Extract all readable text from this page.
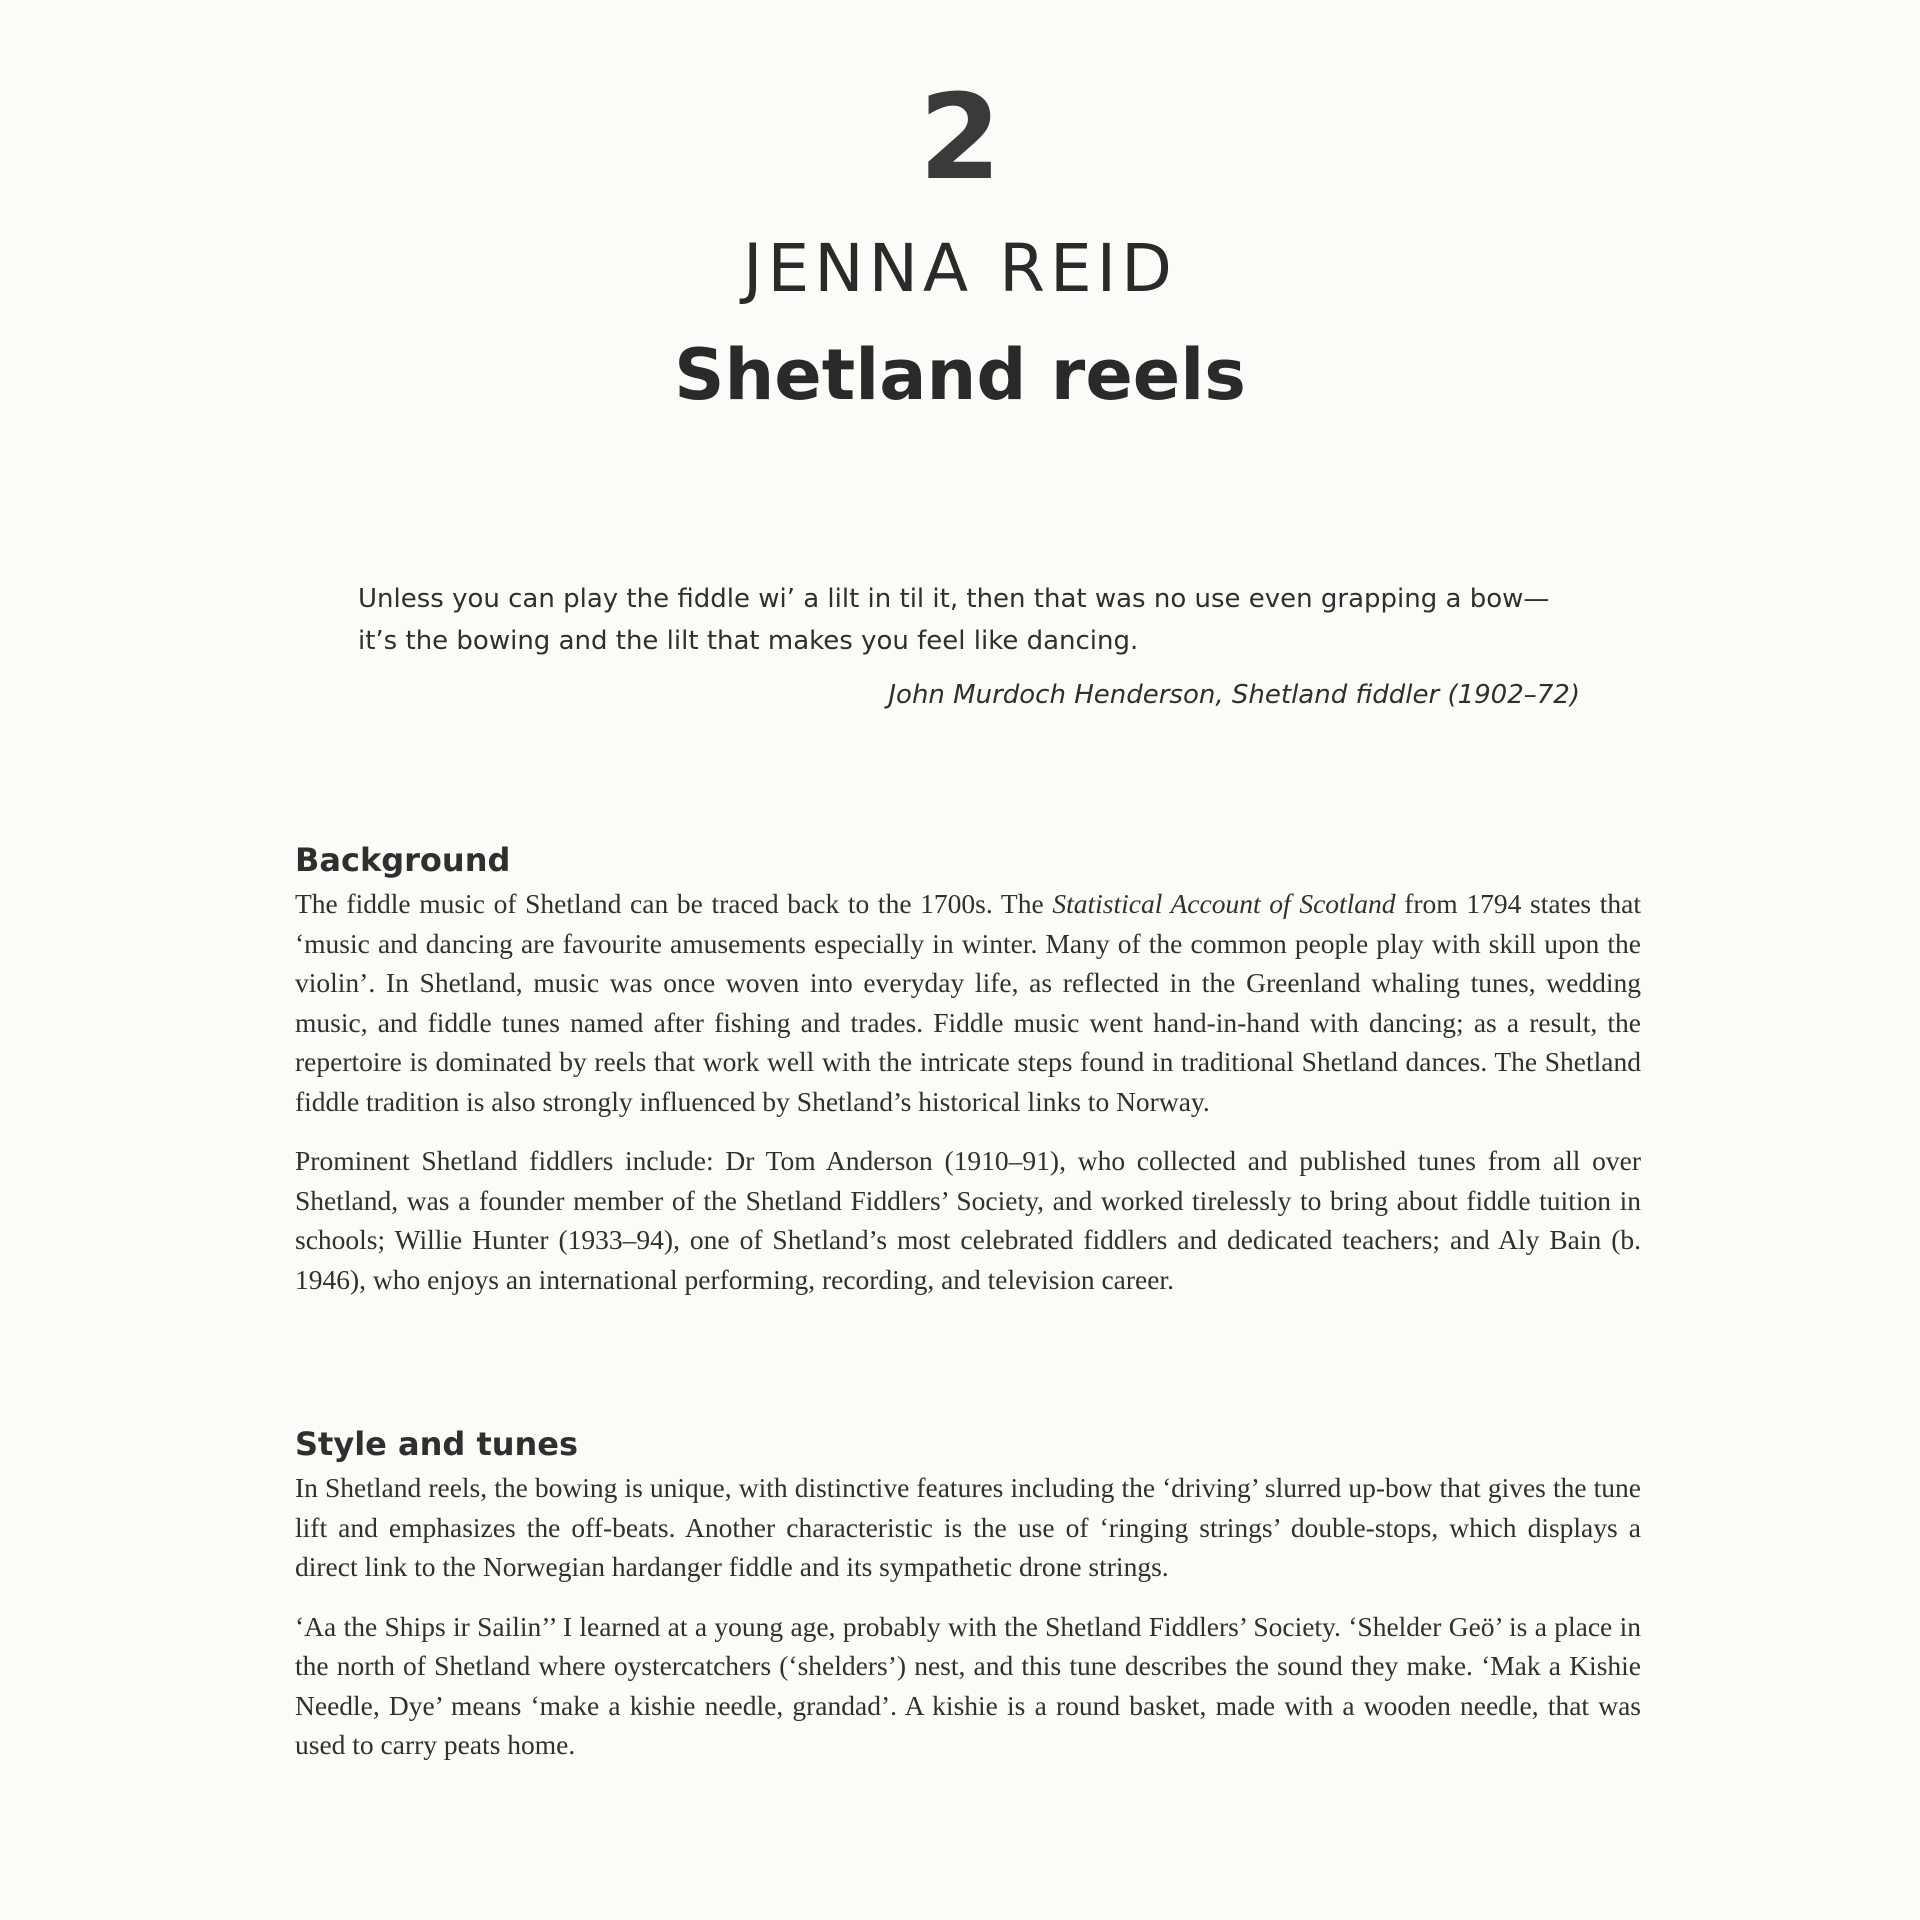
2
JENNA REID
Shetland reels

Unless you can play the fiddle wi’ a lilt in til it, then that was no use even grapping a bow—it’s the bowing and the lilt that makes you feel like dancing.

John Murdoch Henderson, Shetland fiddler (1902–72)

Background

The fiddle music of Shetland can be traced back to the 1700s. The Statistical Account of Scotland from 1794 states that ‘music and dancing are favourite amusements especially in winter. Many of the common people play with skill upon the violin’. In Shetland, music was once woven into everyday life, as reflected in the Greenland whaling tunes, wedding music, and fiddle tunes named after fishing and trades. Fiddle music went hand-in-hand with dancing; as a result, the repertoire is dominated by reels that work well with the intricate steps found in traditional Shetland dances. The Shetland fiddle tradition is also strongly influenced by Shetland’s historical links to Norway.

Prominent Shetland fiddlers include: Dr Tom Anderson (1910–91), who collected and published tunes from all over Shetland, was a founder member of the Shetland Fiddlers’ Society, and worked tirelessly to bring about fiddle tuition in schools; Willie Hunter (1933–94), one of Shetland’s most celebrated fiddlers and dedicated teachers; and Aly Bain (b. 1946), who enjoys an international performing, recording, and television career.

Style and tunes

In Shetland reels, the bowing is unique, with distinctive features including the ‘driving’ slurred up-bow that gives the tune lift and emphasizes the off-beats. Another characteristic is the use of ‘ringing strings’ double-stops, which displays a direct link to the Norwegian hardanger fiddle and its sympathetic drone strings.

‘Aa the Ships ir Sailin’’ I learned at a young age, probably with the Shetland Fiddlers’ Society. ‘Shelder Geö’ is a place in the north of Shetland where oystercatchers (‘shelders’) nest, and this tune describes the sound they make. ‘Mak a Kishie Needle, Dye’ means ‘make a kishie needle, grandad’. A kishie is a round basket, made with a wooden needle, that was used to carry peats home.
